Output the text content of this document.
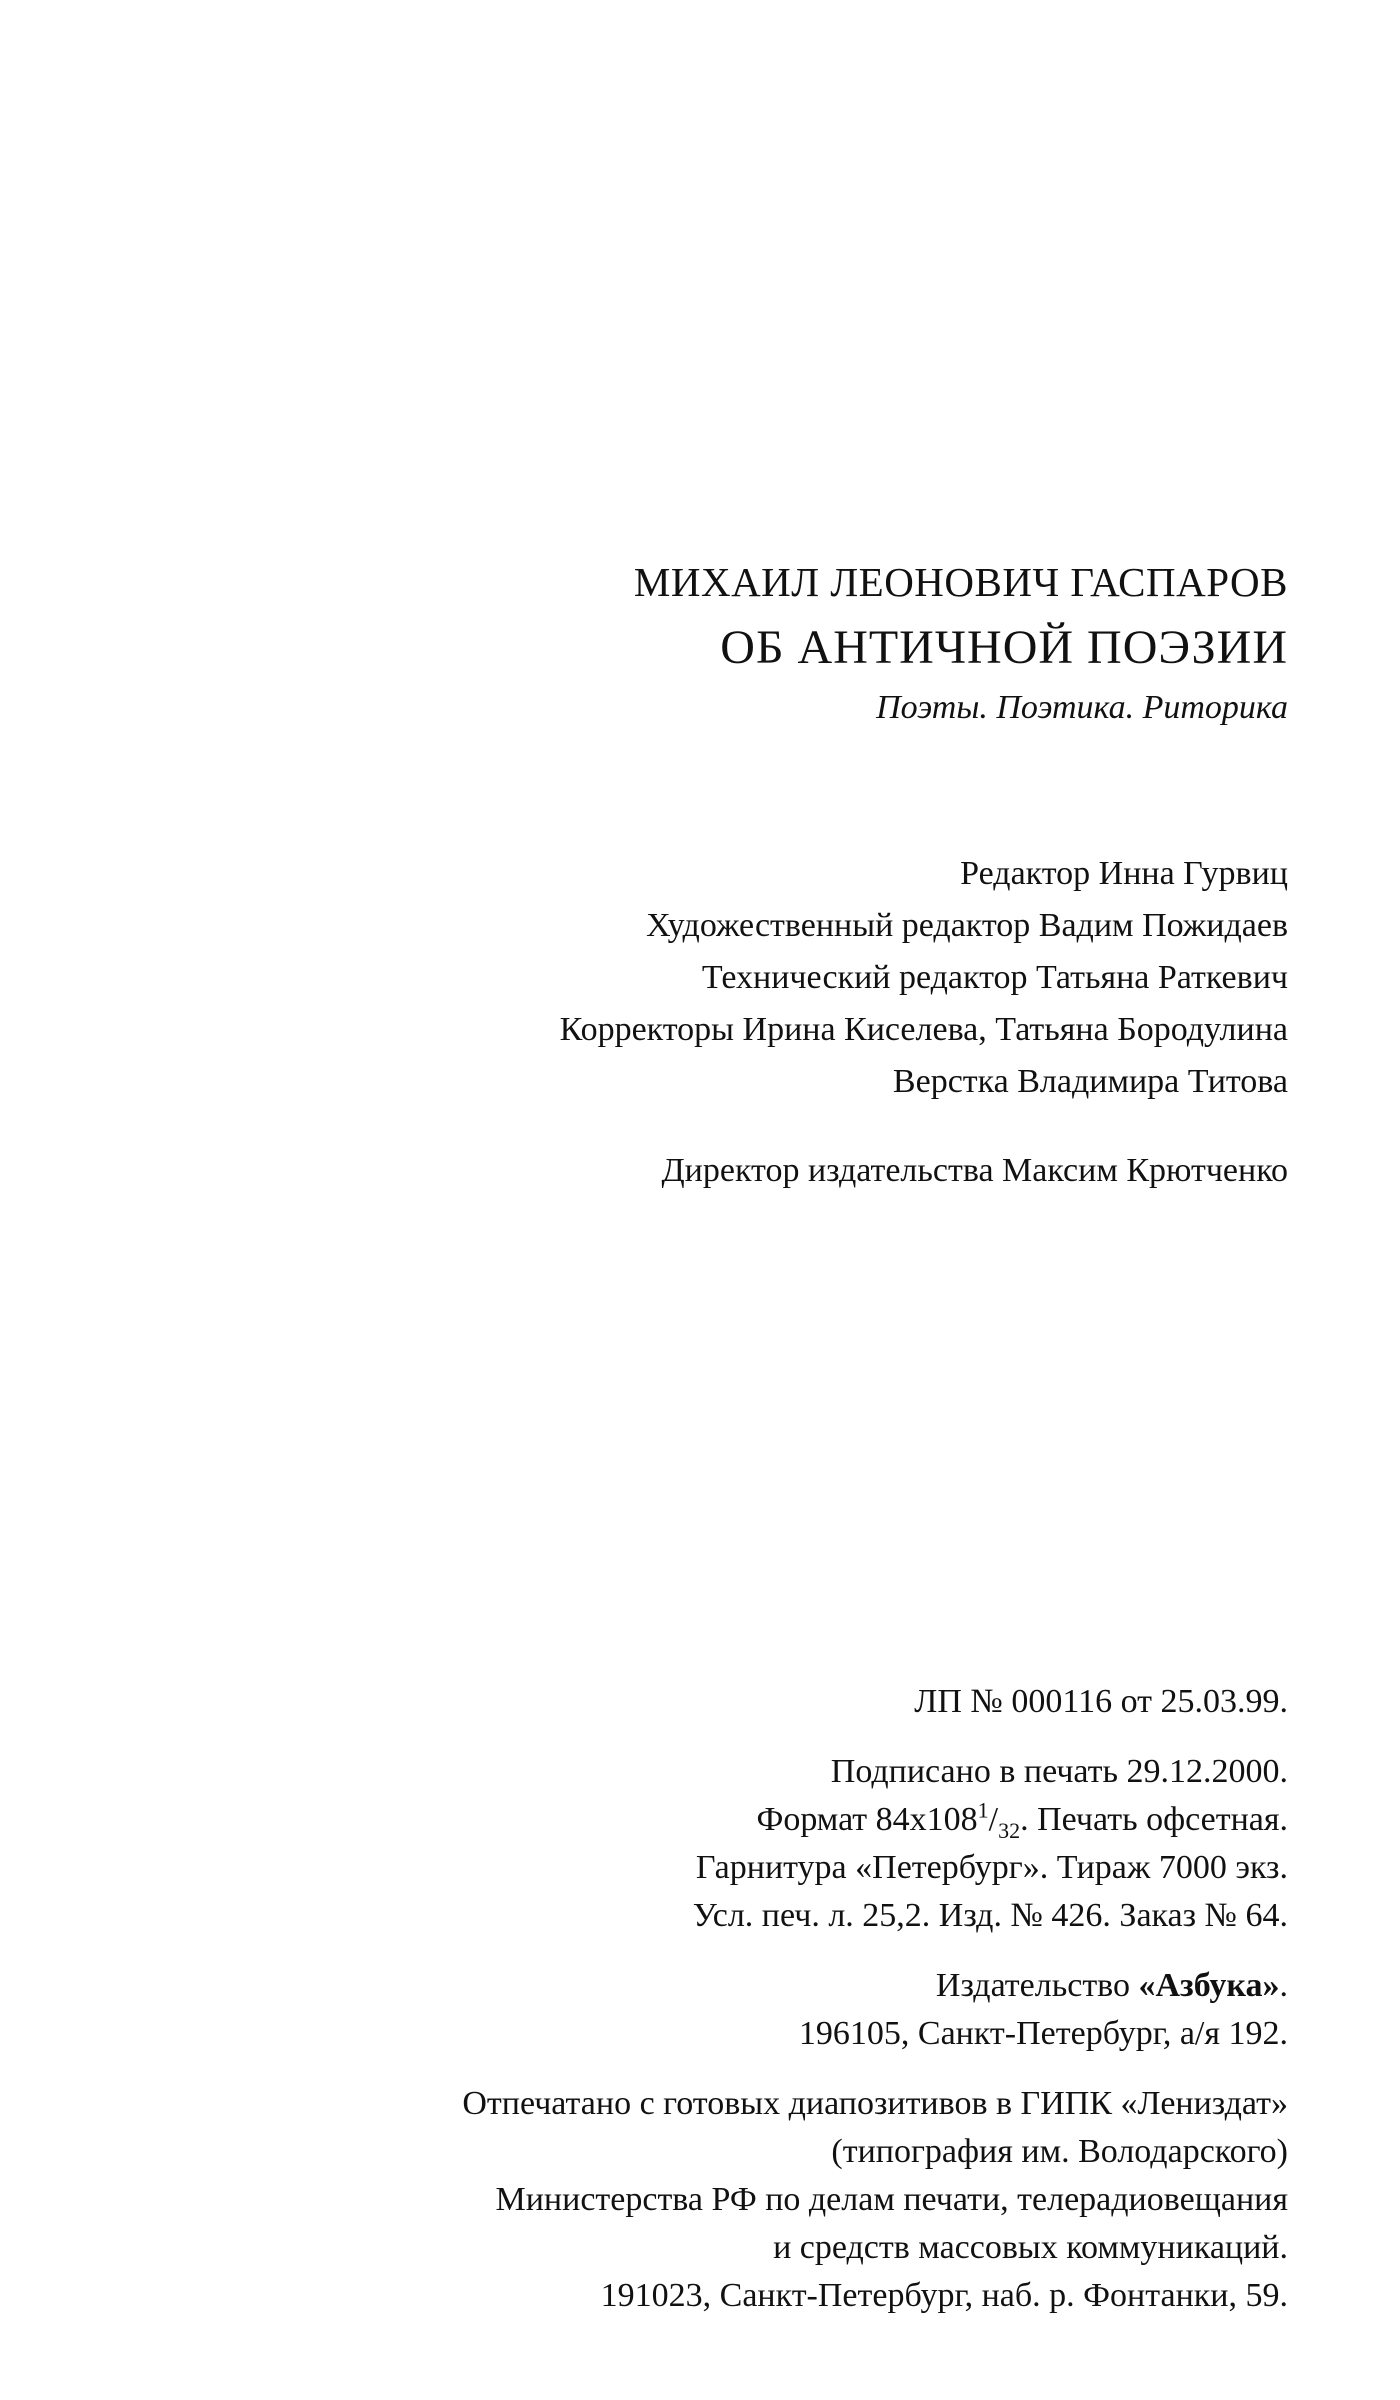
МИХАИЛ ЛЕОНОВИЧ ГАСПАРОВ
ОБ АНТИЧНОЙ ПОЭЗИИ
Поэты. Поэтика. Риторика
Редактор Инна Гурвиц
Художественный редактор Вадим Пожидаев
Технический редактор Татьяна Раткевич
Корректоры Ирина Киселева, Татьяна Бородулина
Верстка Владимира Титова
Директор издательства Максим Крютченко
ЛП № 000116 от 25.03.99.
Подписано в печать 29.12.2000.
Формат $84х108^1/_{32}$. Печать офсетная.
Гарнитура «Петербург». Тираж 7000 экз.
Усл. печ. л. 25,2. Изд. № 426. Заказ № 64.
Издательство «Азбука».
196105, Санкт-Петербург, а/я 192.
Отпечатано с готовых диапозитивов в ГИПК «Лениздат»
(типография им. Володарского)
Министерства РФ по делам печати, телерадиовещания
и средств массовых коммуникаций.
191023, Санкт-Петербург, наб. р. Фонтанки, 59.
